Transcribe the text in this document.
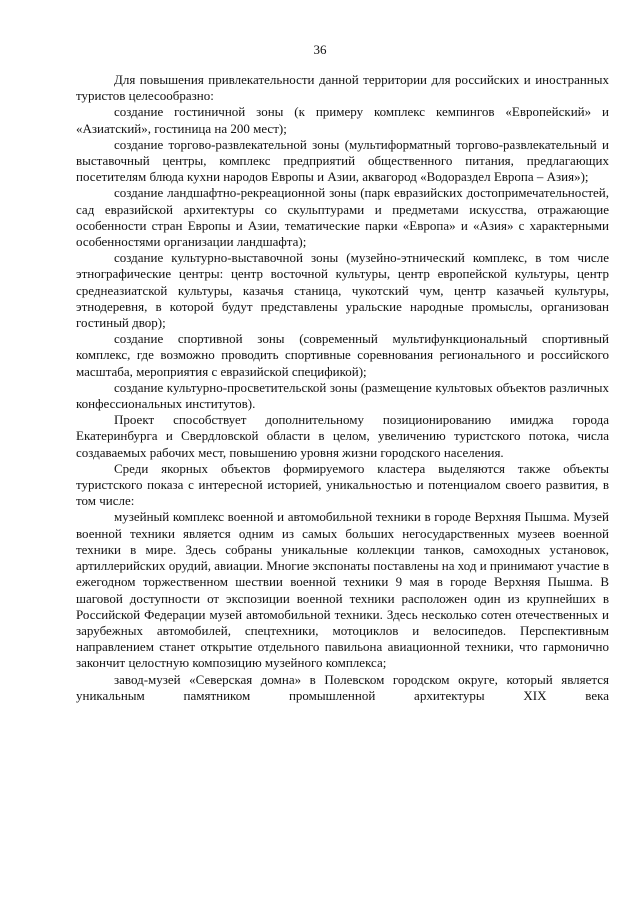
36

Для повышения привлекательности данной территории для российских и иностранных туристов целесообразно:

создание гостиничной зоны (к примеру комплекс кемпингов «Европейский» и «Азиатский», гостиница на 200 мест);

создание торгово-развлекательной зоны (мультиформатный торгово-развлекательный и выставочный центры, комплекс предприятий общественного питания, предлагающих посетителям блюда кухни народов Европы и Азии, аквагород «Водораздел Европа – Азия»);

создание ландшафтно-рекреационной зоны (парк евразийских достопримечательностей, сад евразийской архитектуры со скульптурами и предметами искусства, отражающие особенности стран Европы и Азии, тематические парки «Европа» и «Азия» с характерными особенностями организации ландшафта);

создание культурно-выставочной зоны (музейно-этнический комплекс, в том числе этнографические центры: центр восточной культуры, центр европейской культуры, центр среднеазиатской культуры, казачья станица, чукотский чум, центр казачьей культуры, этнодеревня, в которой будут представлены уральские народные промыслы, организован гостиный двор);

создание спортивной зоны (современный мультифункциональный спортивный комплекс, где возможно проводить спортивные соревнования регионального и российского масштаба, мероприятия с евразийской спецификой);

создание культурно-просветительской зоны (размещение культовых объектов различных конфессиональных институтов).

Проект способствует дополнительному позиционированию имиджа города Екатеринбурга и Свердловской области в целом, увеличению туристского потока, числа создаваемых рабочих мест, повышению уровня жизни городского населения.

Среди якорных объектов формируемого кластера выделяются также объекты туристского показа с интересной историей, уникальностью и потенциалом своего развития, в том числе:

музейный комплекс военной и автомобильной техники в городе Верхняя Пышма. Музей военной техники является одним из самых больших негосударственных музеев военной техники в мире. Здесь собраны уникальные коллекции танков, самоходных установок, артиллерийских орудий, авиации. Многие экспонаты поставлены на ход и принимают участие в ежегодном торжественном шествии военной техники 9 мая в городе Верхняя Пышма. В шаговой доступности от экспозиции военной техники расположен один из крупнейших в Российской Федерации музей автомобильной техники. Здесь несколько сотен отечественных и зарубежных автомобилей, спецтехники, мотоциклов и велосипедов. Перспективным направлением станет открытие отдельного павильона авиационной техники, что гармонично закончит целостную композицию музейного комплекса;

завод-музей «Северская домна» в Полевском городском округе, который является уникальным памятником промышленной архитектуры XIX века
